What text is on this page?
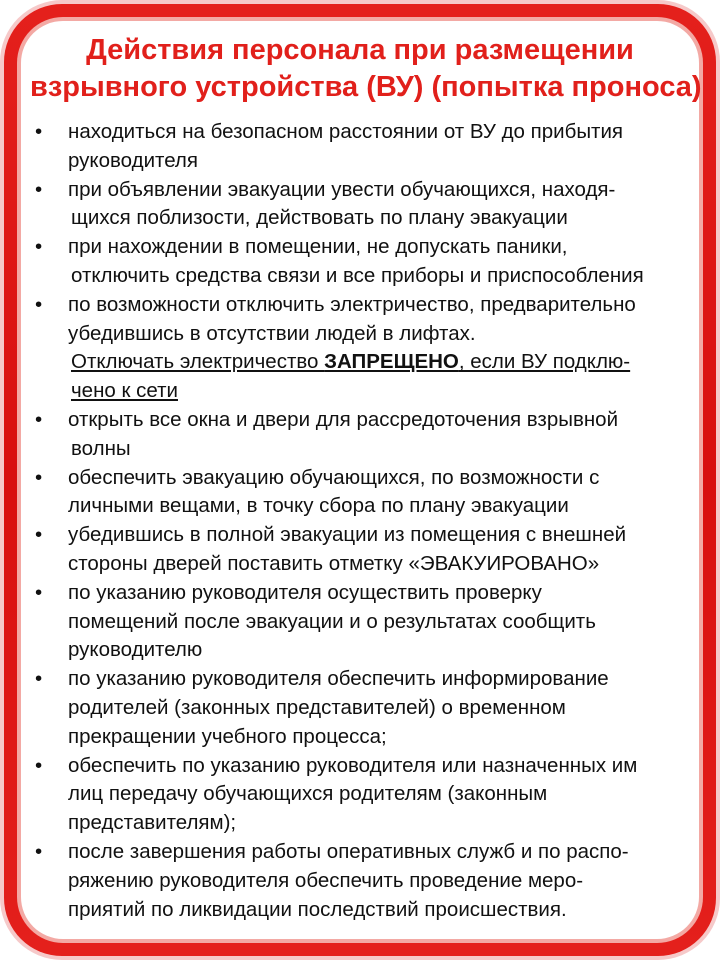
Действия персонала при размещении
взрывного устройства (ВУ) (попытка проноса)
• находиться на безопасном расстоянии от ВУ до прибытия
руководителя
• при объявлении эвакуации увести обучающихся, находя-
щихся поблизости, действовать по плану эвакуации
• при нахождении в помещении, не допускать паники,
отключить средства связи и все приборы и приспособления
• по возможности отключить электричество, предварительно
убедившись в отсутствии людей в лифтах.
Отключать электричество ЗАПРЕЩЕНО, если ВУ подклю-
чено к сети
• открыть все окна и двери для рассредоточения взрывной
волны
• обеспечить эвакуацию обучающихся, по возможности с
личными вещами, в точку сбора по плану эвакуации
• убедившись в полной эвакуации из помещения с внешней
стороны дверей поставить отметку «ЭВАКУИРОВАНО»
• по указанию руководителя осуществить проверку
помещений после эвакуации и о результатах сообщить
руководителю
• по указанию руководителя обеспечить информирование
родителей (законных представителей) о временном
прекращении учебного процесса;
• обеспечить по указанию руководителя или назначенных им
лиц передачу обучающихся родителям (законным
представителям);
• после завершения работы оперативных служб и по распо-
ряжению руководителя обеспечить проведение меро-
приятий по ликвидации последствий происшествия.
